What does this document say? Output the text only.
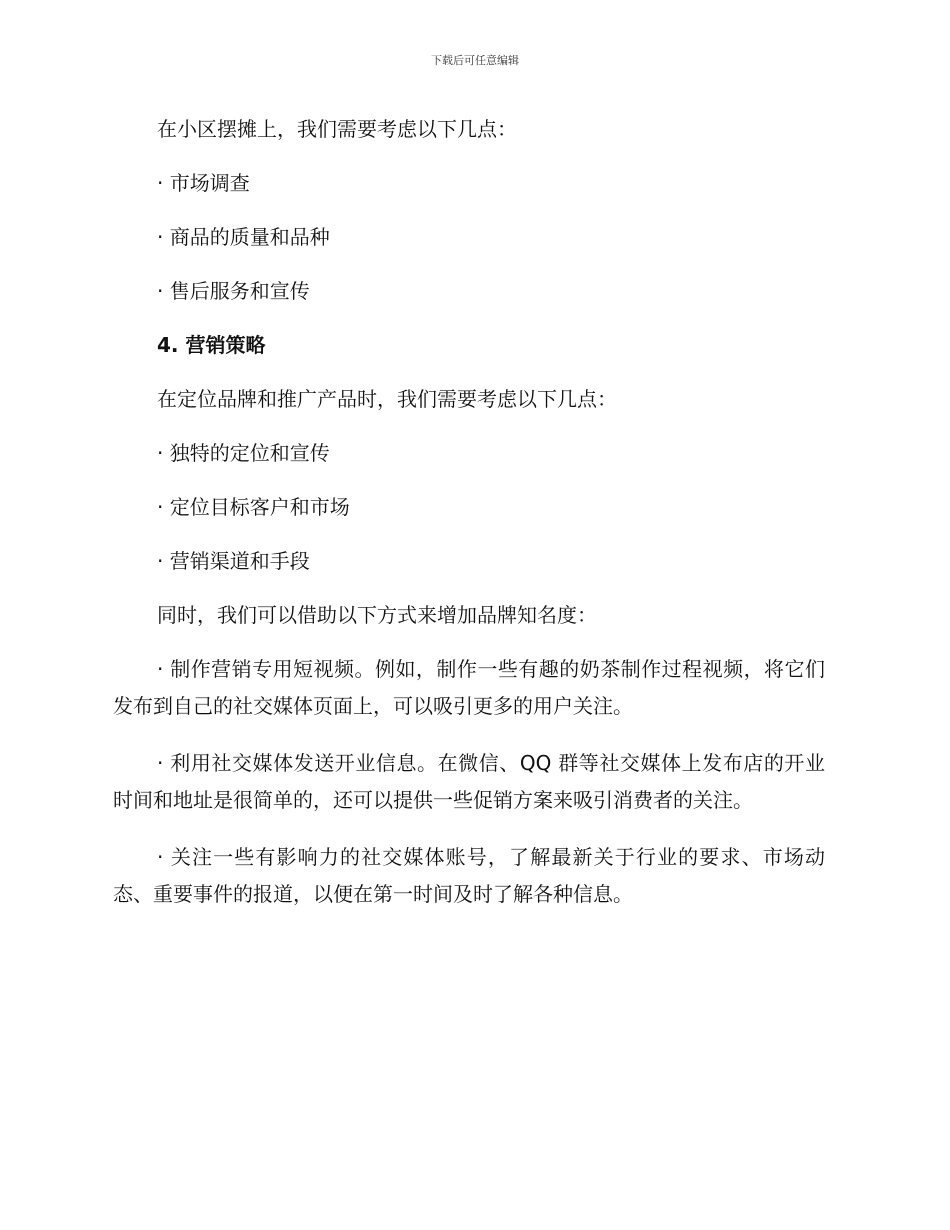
下载后可任意编辑

在小区摆摊上，我们需要考虑以下几点：

· 市场调查

· 商品的质量和品种

· 售后服务和宣传

4. 营销策略

在定位品牌和推广产品时，我们需要考虑以下几点：

· 独特的定位和宣传

· 定位目标客户和市场

· 营销渠道和手段

同时，我们可以借助以下方式来增加品牌知名度：

· 制作营销专用短视频。例如，制作一些有趣的奶茶制作过程视频，将它们发布到自己的社交媒体页面上，可以吸引更多的用户关注。

· 利用社交媒体发送开业信息。在微信、QQ 群等社交媒体上发布店的开业时间和地址是很简单的，还可以提供一些促销方案来吸引消费者的关注。

· 关注一些有影响力的社交媒体账号，了解最新关于行业的要求、市场动态、重要事件的报道，以便在第一时间及时了解各种信息。
